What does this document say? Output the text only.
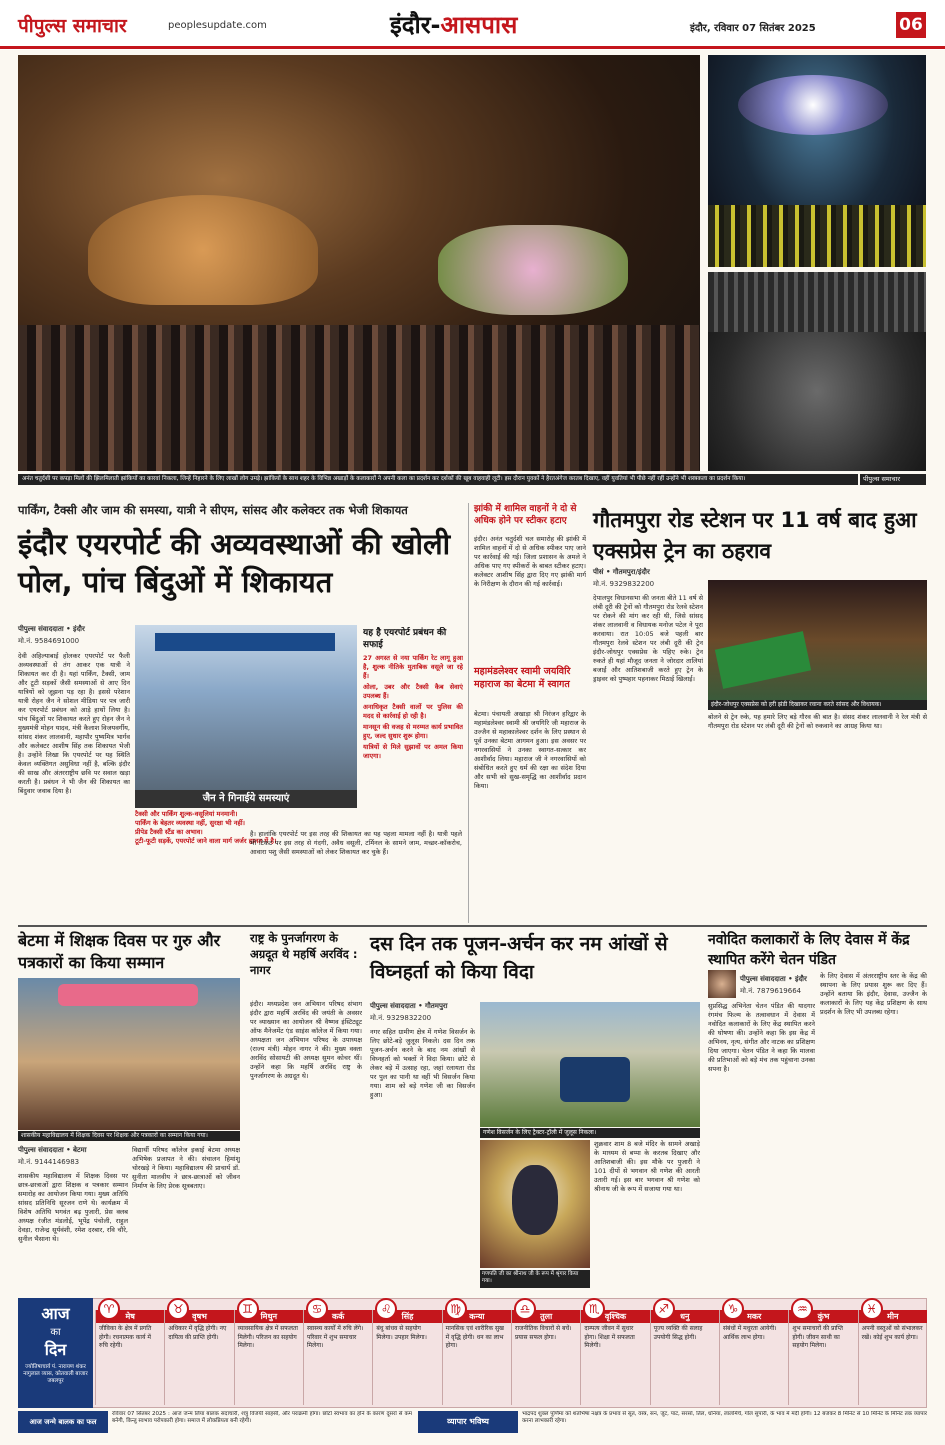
पीपुल्स समाचार	peoplesupdate.com	इंदौर-आसपास	इंदौर, रविवार 07 सितंबर 2025	06
अनंत चतुर्दशी पर कपड़ा मिलों की झिलमिलाती झांकियों का कारवां निकला, जिन्हें निहारने के लिए लाखों लोग उमड़े। झांकियों के साथ शहर के विभिन्न अखाड़ों के कलाकारों ने अपनी कला का प्रदर्शन कर दर्शकों की खूब वाहवाही लूटी। इस दौरान युवकों ने हैरतअंगेज करतब दिखाए, वहीं युवतियां भी पीछे नहीं रहीं उन्होंने भी शस्त्रकला का प्रदर्शन किया।	पीपुल्स समाचार
पार्किंग, टैक्सी और जाम की समस्या, यात्री ने सीएम, सांसद और कलेक्टर तक भेजी शिकायत
इंदौर एयरपोर्ट की अव्यवस्थाओं की खोली पोल, पांच बिंदुओं में शिकायत
पीपुल्स संवाददाता • इंदौर
मो.नं. 9584691000
देवी अहिल्याबाई होलकर एयरपोर्ट पर फैली अव्यवस्थाओं से तंग आकर एक यात्री ने शिकायत कर दी है। यहां पार्किंग, टैक्सी, जाम और टूटी सड़कों जैसी समस्याओं से आए दिन यात्रियों को जूझना पड़ रहा है। इससे परेशान यात्री रोहन जैन ने सोशल मीडिया पर पत्र जारी कर एयरपोर्ट प्रबंधन को आड़े हाथों लिया है। पांच बिंदुओं पर शिकायत करते हुए रोहन जैन ने मुख्यमंत्री मोहन यादव, मंत्री कैलाश विजयवर्गीय, सांसद शंकर लालवानी, महापौर पुष्यमित्र भार्गव और कलेक्टर आशीष सिंह तक शिकायत भेजी है। उन्होंने लिखा कि एयरपोर्ट पर यह स्थिति केवल व्यक्तिगत असुविधा नहीं है, बल्कि इंदौर की साख और अंतरराष्ट्रीय छवि पर सवाल खड़ा करती है। प्रबंधन ने भी जैन की शिकायत का बिंदुवार जवाब दिया है।
जैन ने गिनाईये समस्याएं
टैक्सी और पार्किंग शुल्क-वसूलियां मनमानी।
पार्किंग के बेहतर व्यवस्था नहीं, सुरक्षा भी नहीं।
प्रीपेड टैक्सी स्टैंड का अभाव।
टूटी-फूटी सड़कें, एयरपोर्ट जाने वाला मार्ग जर्जर हालत में है।
यह है एयरपोर्ट प्रबंधन की सफाई
27 अगस्त से नया पार्किंग रेट लागू हुआ है, शुल्क नीतिके मुताबिक वसूले जा रहे हैं।
ओला, उबर और टैक्सी कैब सेवाएं उपलब्ध हैं।
अनाधिकृत टैक्सी वालों पर पुलिस की मदद से कार्रवाई हो रही है।
मानसून की वजह से मरम्मत कार्य प्रभावित हुए, जल्द सुधार शुरू होगा।
यात्रियों से मिले सुझावों पर अमल किया जाएगा।
है। हालांकि एयरपोर्ट पर इस तरह की शिकायत का यह पहला मामला नहीं है। यात्री पहले भी टिकट पर इस तरह से गंदगी, अवैध वसूली, टर्मिनल के सामने जाम, मच्छर-कॉकरोच, आवारा पशु जैसी समस्याओं को लेकर शिकायत कर चुके हैं।
झांकी में शामिल वाहनों ने दो से अधिक होने पर स्टीकर हटाए
इंदौर। अनंत चतुर्दशी चल समारोह की झांकी में शामिल वाहनों में दो से अधिक स्पीकर पाए जाने पर कार्रवाई की गई। जिला प्रशासन के अमले ने अधिक पाए गए स्पीकरों के बाबत स्टीकर हटाए। कलेक्टर आशीष सिंह द्वारा दिए गए झांकी मार्ग के निरीक्षण के दौरान की गई कार्रवाई।
महामंडलेश्वर स्वामी जयविरि महाराज का बेटमा में स्वागत
बेटमा। पंचायती अखाड़ा श्री निरंजन हरिद्वार के महामंडलेश्वर स्वामी श्री जयगिरि जी महाराज के उज्जैन से महाकालेश्वर दर्शन के लिए प्रस्थान से पूर्व उनका बेटमा आगमन हुआ। इस अवसर पर नगरवासियों ने उनका स्वागत-सत्कार कर आशीर्वाद लिया। महाराज जी ने नगरवासियों को संबोधित करते हुए धर्म की रक्षा का संदेश दिया और सभी को सुख-समृद्धि का आशीर्वाद प्रदान किया।
गौतमपुरा रोड स्टेशन पर 11 वर्ष बाद हुआ एक्सप्रेस ट्रेन का ठहराव
पीसं • गौतमपुरा/इंदौर
मो.नं. 9329832200
देपालपुर विधानसभा की जनता बीते 11 वर्ष से लंबी दूरी की ट्रेनों को गौतमपुरा रोड रेलवे स्टेशन पर रोकने की मांग कर रही थी, जिसे सांसद शंकर लालवानी व विधायक मनोज पटेल ने पूरा करवाया। रात 10:05 बजे पहली बार गौतमपुरा रेलवे स्टेशन पर लंबी दूरी की ट्रेन इंदौर-जोधपुर एक्सप्रेस के पहिए रुके। ट्रेन रुकते ही यहां मौजूद जनता ने जोरदार तालियां बजाईं और आतिशबाजी करते हुए ट्रेन के ड्राइवर को पुष्पहार पहनाकर मिठाई खिलाई।
इंदौर-जोधपुर एक्सप्रेस को हरी झंडी दिखाकर रवाना करते सांसद और विधायक।
बोलने से ट्रेन रुके, यह हमारे लिए बड़े गौरव की बात है। संसद शंकर लालवानी ने रेल मंत्री से गौतमपुरा रोड स्टेशन पर लंबी दूरी की ट्रेनों को रुकवाने का आग्रह किया था।
बेटमा में शिक्षक दिवस पर गुरु और पत्रकारों का किया सम्मान
शासकीय महाविद्यालय में शिक्षक दिवस पर शिक्षक और पत्रकारों का सम्मान किया गया।
पीपुल्स संवाददाता • बेटमा
मो.नं. 9144146983
शासकीय महाविद्यालय में शिक्षक दिवस पर छात्र-छात्राओं द्वारा शिक्षक व पत्रकार सम्मान समारोह का आयोजन किया गया। मुख्य अतिथि सांसद प्रतिनिधि सूरजन राणे थे। कार्यक्रम में विशेष अतिथि भगवंत बढ़ पुजारी, प्रेस क्लब अध्यक्ष रंजीत मंडलोई, भूपेंद्र पंचोली, राहुल देवड़ा, राजेन्द्र सूर्यवंशी, रमेश दरबार, रवि चौरे, सुनील भैसाना थे।
विद्यार्थी परिषद कॉलेज इकाई बेटमा अध्यक्ष अभिषेक प्रजापत ने की। संचालन हिमांशु चोरखड़े ने किया। महाविद्यालय की प्राचार्य डॉ. सुनीता मालवीय ने छात्र-छात्राओं को जीवन निर्माण के लिए प्रेरक सूत्रबताए।
राष्ट्र के पुनर्जागरण के अग्रदूत थे महर्षि अरविंद : नागर
इंदौर। मध्यप्रदेश जन अभियान परिषद संभाग इंदौर द्वारा महर्षि अरविंद की जयंती के अवसर पर व्याख्यान का आयोजन श्री वैष्णव इंस्टिट्यूट ऑफ मैनेजमेंट एंड साइंस कॉलेज में किया गया। अध्यक्षता जन अभियान परिषद के उपाध्यक्ष (राज्य मंत्री) मोहन नागर ने की। मुख्य वक्ता अरविंद सोसायटी की अध्यक्ष सुमन कोचर थीं। उन्होंने कहा कि महर्षि अरविंद राष्ट्र के पुनर्जागरण के अग्रदूत थे।
दस दिन तक पूजन-अर्चन कर नम आंखों से विघ्नहर्ता को किया विदा
पीपुल्स संवाददाता • गौतमपुरा
मो.नं. 9329832200
नगर सहित ग्रामीण क्षेत्र में गणेश विसर्जन के लिए छोटे-बड़े जुलूस निकले। दस दिन तक पूजन-अर्चन करने के बाद नम आंखों से विघ्नहर्ता को भक्तों ने विदा किया। छोटे से लेकर बड़े में उत्साह रहा, जहां रलायता रोड पर पुल का पानी था वहीं भी विसर्जन किया गया। शाम को बड़े गणेश जी का विसर्जन हुआ।
गणेश विसर्जन के लिए ट्रैक्टर-ट्रॉली में जुलूस निकला।
गणपति जी का श्रीनाथ जी के रूप में श्रृंगार किया गया।
शुक्रवार शाम 8 बजे मंदिर के सामने अखाड़े के माध्यम से बप्पा के करतब दिखाए और आतिशबाजी की। इस मौके पर पुजारी ने 101 दीपों से भगवान श्री गणेश की आरती उतारी गई। इस बार भगवान श्री गणेश को श्रीनाथ जी के रूप में सजाया गया था।
नवोदित कलाकारों के लिए देवास में केंद्र स्थापित करेंगे चेतन पंडित
पीपुल्स संवाददाता • इंदौर
मो.नं. 7879619664
सुप्रसिद्ध अभिनेता चेतन पंडित की यादगार रंगमंच फिल्म के तत्वावधान में देवास में नवोदित कलाकारों के लिए केंद्र स्थापित करने की घोषणा की। उन्होंने कहा कि इस केंद्र में अभिनय, नृत्य, संगीत और नाटक का प्रशिक्षण दिया जाएगा। चेतन पंडित ने कहा कि मालवा की प्रतिभाओं को बड़े मंच तक पहुंचाना उनका सपना है।
के लिए देवास में अंतरराष्ट्रीय स्तर के केंद्र की स्थापना के लिए प्रयास शुरू कर दिए हैं। उन्होंने बताया कि इंदौर, देवास, उज्जैन के कलाकारों के लिए यह केंद्र प्रशिक्षण के साथ प्रदर्शन के लिए भी उपलब्ध रहेगा।
आज
का
दिन
ज्योतिषाचार्य पं. नारायण शंकर नागुलाल व्यास, कोतवाली बाजार जबलपुर
मेष
जीविका के क्षेत्र में प्रगति होगी। रचनात्मक कार्य में रुचि रहेगी।
♈
वृषभ
अधिकार में वृद्धि होगी। नए दायित्व की प्राप्ति होगी।
♉
मिथुन
व्यावसायिक क्षेत्र में सफलता मिलेगी। परिजन का सहयोग मिलेगा।
♊
कर्क
स्वास्थ्य कार्यों में रुचि लेंगे। परिवार में शुभ समाचार मिलेगा।
♋
सिंह
बंधु बांधव से सहयोग मिलेगा। उपहार मिलेगा।
♌
कन्या
मानसिक एवं शारीरिक सुख में वृद्धि होगी। धन का लाभ होगा।
♍
तुला
राजनीतिक विचारों से बचें। प्रयास सफल होगा।
♎
वृश्चिक
दाम्पत्य जीवन में सुधार होगा। शिक्षा में सफलता मिलेगी।
♏
धनु
पूज्य व्यक्ति की सलाह उपयोगी सिद्ध होगी।
♐
मकर
संबंधों में मधुरता आयेगी। आर्थिक लाभ होगा।
♑
कुंभ
शुभ समाचारों की प्राप्ति होगी। जीवन साथी का सहयोग मिलेगा।
♒
मीन
अपनी वस्तुओं को संभालकर रखें। कोई शुभ कार्य होगा।
♓
आज जन्मे बालक का फल
रविवार 07 सितंबर 2025 : आज जन्म लिया बालक सदाचारी, शत्रु विजयी साहसी, और पराक्रमी होगा। छोटों स्वभाव का होने के कारण दूसरों से कम बनेगी, किन्तु स्वभाव परोपकारी होगा। समाज में लोकप्रियता बनी रहेगी।	व्यापार भविष्य
भाद्रपद शुक्ल पूर्णिमा को शतभिषा नक्षत्र के प्रभाव से सूत, वस्त्र, सन, जूट, पाट, सरसों, तिल, धनिया, लालमिर्च, गोल सुपारी, के भाव में मंदी होगी। 12 बजकर 8 मिनिट से 10 मिनिट के मिनिट तक व्यापार करना लाभकारी रहेगा।
